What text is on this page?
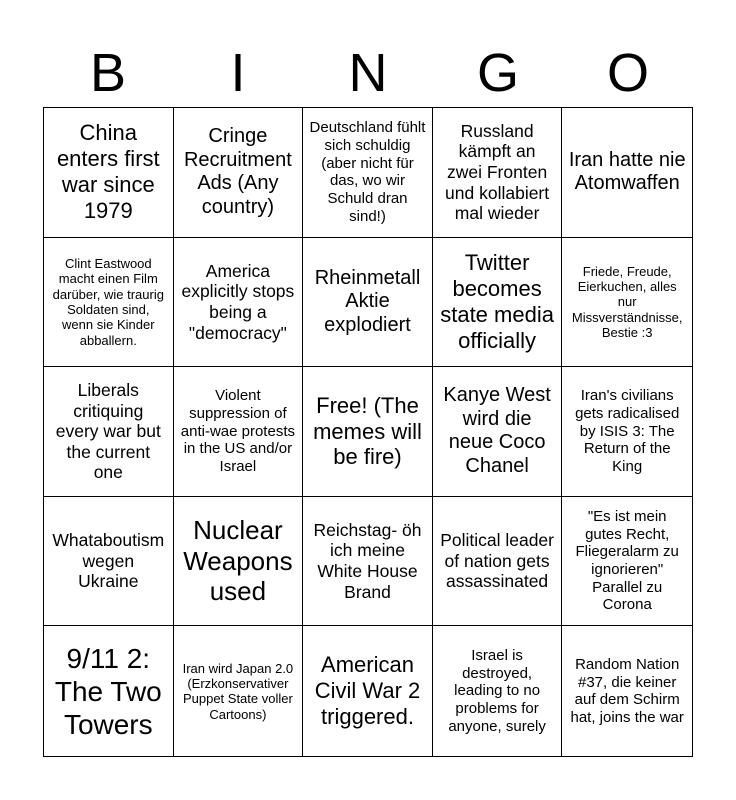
B	I	N	G	O
China enters first war since 1979
Cringe Recruitment Ads (Any country)
Deutschland fühlt sich schuldig (aber nicht für das, wo wir Schuld dran sind!)
Russland kämpft an zwei Fronten und kollabiert mal wieder
Iran hatte nie Atomwaffen
Clint Eastwood macht einen Film darüber, wie traurig Soldaten sind, wenn sie Kinder abballern.
America explicitly stops being a "democracy"
Rheinmetall Aktie explodiert
Twitter becomes state media officially
Friede, Freude, Eierkuchen, alles nur Missverständnisse, Bestie :3
Liberals critiquing every war but the current one
Violent suppression of anti-wae protests in the US and/or Israel
Free! (The memes will be fire)
Kanye West wird die neue Coco Chanel
Iran's civilians gets radicalised by ISIS 3: The Return of the King
Whataboutism wegen Ukraine
Nuclear Weapons used
Reichstag- öh ich meine White House Brand
Political leader of nation gets assassinated
"Es ist mein gutes Recht, Fliegeralarm zu ignorieren" Parallel zu Corona
9/11 2: The Two Towers
Iran wird Japan 2.0 (Erzkonservativer Puppet State voller Cartoons)
American Civil War 2 triggered.
Israel is destroyed, leading to no problems for anyone, surely
Random Nation #37, die keiner auf dem Schirm hat, joins the war
